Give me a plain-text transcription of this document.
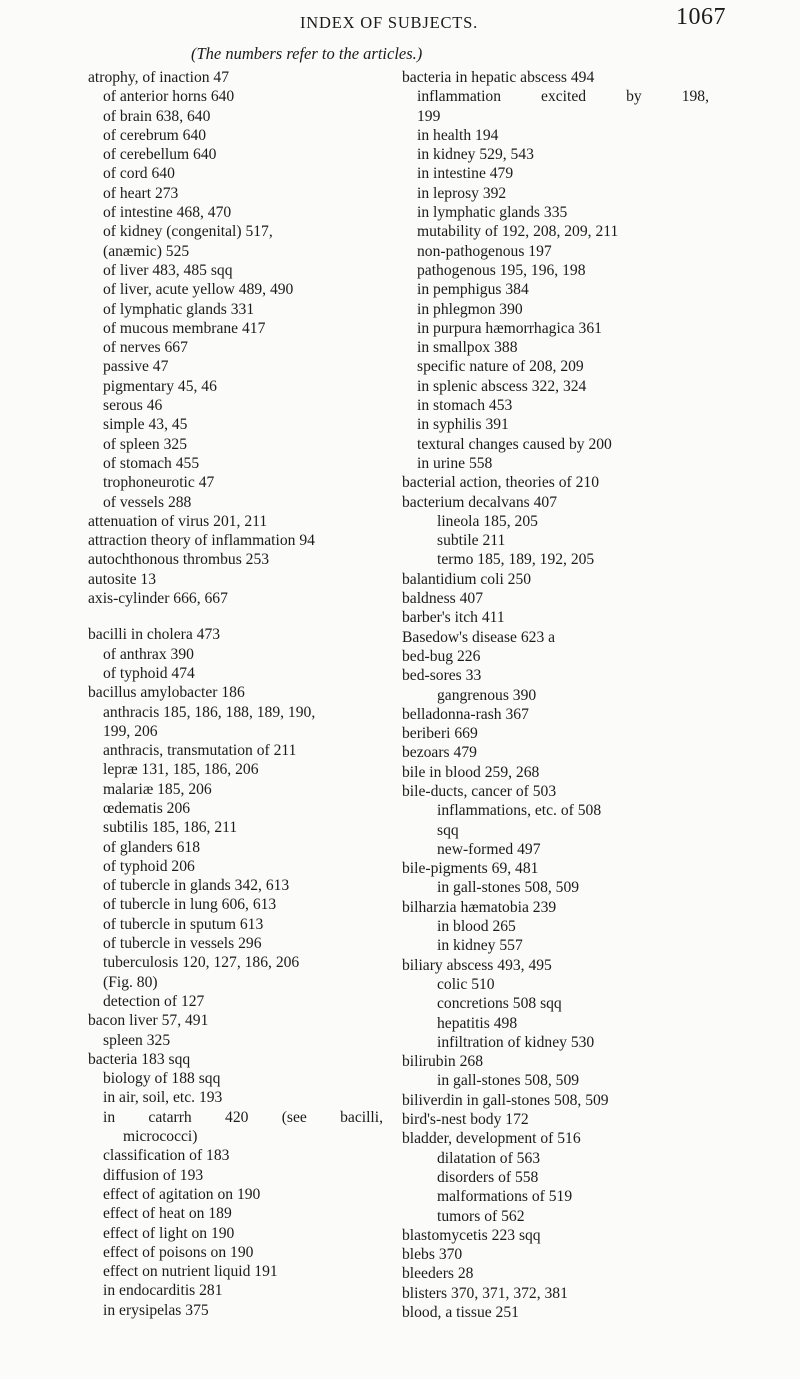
INDEX OF SUBJECTS.	1067
(The numbers refer to the articles.)
atrophy, of inaction 47
of anterior horns 640
of brain 638, 640
of cerebrum 640
of cerebellum 640
of cord 640
of heart 273
of intestine 468, 470
of kidney (congenital) 517,
(anæmic) 525
of liver 483, 485 sqq
of liver, acute yellow 489, 490
of lymphatic glands 331
of mucous membrane 417
of nerves 667
passive 47
pigmentary 45, 46
serous 46
simple 43, 45
of spleen 325
of stomach 455
trophoneurotic 47
of vessels 288
attenuation of virus 201, 211
attraction theory of inflammation 94
autochthonous thrombus 253
autosite 13
axis-cylinder 666, 667
bacilli in cholera 473
of anthrax 390
of typhoid 474
bacillus amylobacter 186
anthracis 185, 186, 188, 189, 190,
199, 206
anthracis, transmutation of 211
lepræ 131, 185, 186, 206
malariæ 185, 206
œdematis 206
subtilis 185, 186, 211
of glanders 618
of typhoid 206
of tubercle in glands 342, 613
of tubercle in lung 606, 613
of tubercle in sputum 613
of tubercle in vessels 296
tuberculosis 120, 127, 186, 206
(Fig. 80)
detection of 127
bacon liver 57, 491
spleen 325
bacteria 183 sqq
biology of 188 sqq
in air, soil, etc. 193
in catarrh 420 (see bacilli,
micrococci)
classification of 183
diffusion of 193
effect of agitation on 190
effect of heat on 189
effect of light on 190
effect of poisons on 190
effect on nutrient liquid 191
in endocarditis 281
in erysipelas 375
bacteria in hepatic abscess 494
inflammation excited by 198,
199
in health 194
in kidney 529, 543
in intestine 479
in leprosy 392
in lymphatic glands 335
mutability of 192, 208, 209, 211
non-pathogenous 197
pathogenous 195, 196, 198
in pemphigus 384
in phlegmon 390
in purpura hæmorrhagica 361
in smallpox 388
specific nature of 208, 209
in splenic abscess 322, 324
in stomach 453
in syphilis 391
textural changes caused by 200
in urine 558
bacterial action, theories of 210
bacterium decalvans 407
lineola 185, 205
subtile 211
termo 185, 189, 192, 205
balantidium coli 250
baldness 407
barber's itch 411
Basedow's disease 623 a
bed-bug 226
bed-sores 33
gangrenous 390
belladonna-rash 367
beriberi 669
bezoars 479
bile in blood 259, 268
bile-ducts, cancer of 503
inflammations, etc. of 508
sqq
new-formed 497
bile-pigments 69, 481
in gall-stones 508, 509
bilharzia hæmatobia 239
in blood 265
in kidney 557
biliary abscess 493, 495
colic 510
concretions 508 sqq
hepatitis 498
infiltration of kidney 530
bilirubin 268
in gall-stones 508, 509
biliverdin in gall-stones 508, 509
bird's-nest body 172
bladder, development of 516
dilatation of 563
disorders of 558
malformations of 519
tumors of 562
blastomycetis 223 sqq
blebs 370
bleeders 28
blisters 370, 371, 372, 381
blood, a tissue 251
